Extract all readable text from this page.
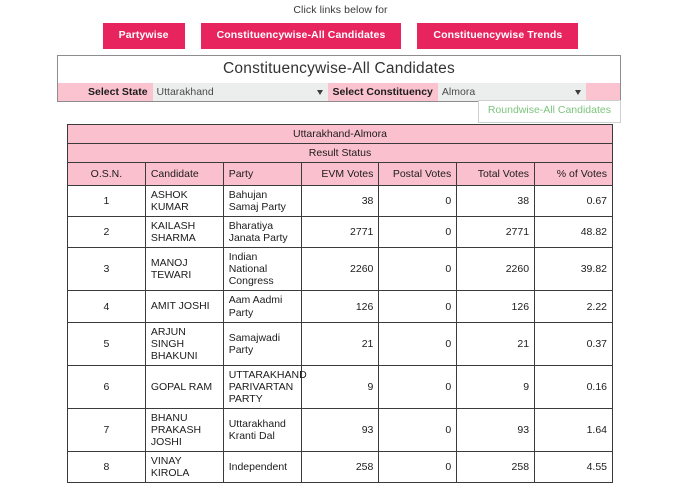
Click links below for
Partywise	Constituencywise-All Candidates	Constituencywise Trends
Constituencywise-All Candidates
Select State Uttarakhand	Select Constituency Almora
Roundwise-All Candidates
Uttarakhand-Almora						
Result Status						
O.S.N.	Candidate	Party	EVM Votes	Postal Votes	Total Votes	% of Votes
1	ASHOK KUMAR	Bahujan Samaj Party	38	0	38	0.67
2	KAILASH SHARMA	Bharatiya Janata Party	2771	0	2771	48.82
3	MANOJ TEWARI	Indian National Congress	2260	0	2260	39.82
4	AMIT JOSHI	Aam Aadmi Party	126	0	126	2.22
5	ARJUN SINGH BHAKUNI	Samajwadi Party	21	0	21	0.37
6	GOPAL RAM	UTTARAKHAND PARIVARTAN PARTY	9	0	9	0.16
7	BHANU PRAKASH JOSHI	Uttarakhand Kranti Dal	93	0	93	1.64
8	VINAY KIROLA	Independent	258	0	258	4.55
